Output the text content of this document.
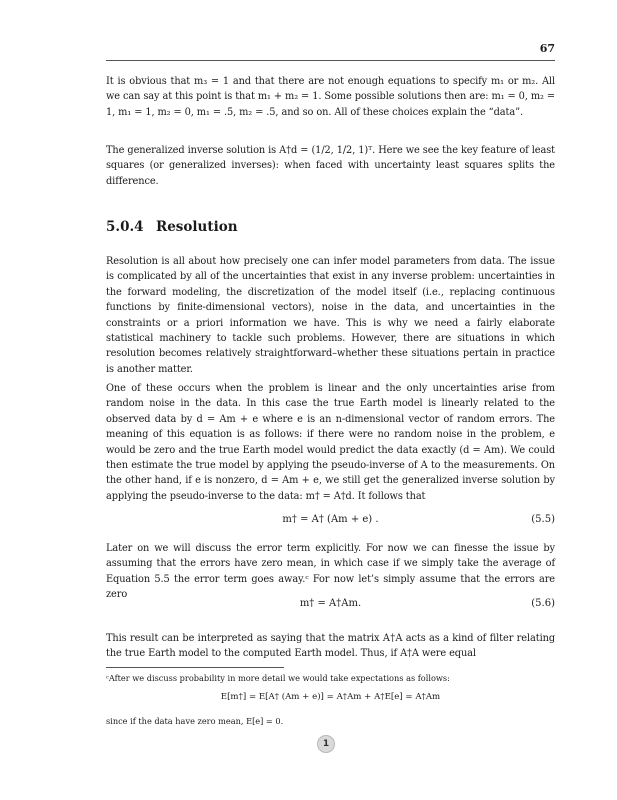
67

It is obvious that m₃ = 1 and that there are not enough equations to specify m₁ or m₂. All we can say at this point is that m₁ + m₂ = 1. Some possible solutions then are: m₁ = 0, m₂ = 1, m₁ = 1, m₂ = 0, m₁ = .5, m₂ = .5, and so on. All of these choices explain the “data”.

The generalized inverse solution is A†d = (1/2, 1/2, 1)ᵀ. Here we see the key feature of least squares (or generalized inverses): when faced with uncertainty least squares splits the difference.

5.0.4 Resolution

Resolution is all about how precisely one can infer model parameters from data. The issue is complicated by all of the uncertainties that exist in any inverse problem: uncertainties in the forward modeling, the discretization of the model itself (i.e., replacing continuous functions by finite-dimensional vectors), noise in the data, and uncertainties in the constraints or a priori information we have. This is why we need a fairly elaborate statistical machinery to tackle such problems. However, there are situations in which resolution becomes relatively straightforward–whether these situations pertain in practice is another matter.

One of these occurs when the problem is linear and the only uncertainties arise from random noise in the data. In this case the true Earth model is linearly related to the observed data by d = Am + e where e is an n-dimensional vector of random errors. The meaning of this equation is as follows: if there were no random noise in the problem, e would be zero and the true Earth model would predict the data exactly (d = Am). We could then estimate the true model by applying the pseudo-inverse of A to the measurements. On the other hand, if e is nonzero, d = Am + e, we still get the generalized inverse solution by applying the pseudo-inverse to the data: m† = A†d. It follows that

m† = A† (Am + e) .	(5.5)

Later on we will discuss the error term explicitly. For now we can finesse the issue by assuming that the errors have zero mean, in which case if we simply take the average of Equation 5.5 the error term goes away.ᶜ For now let’s simply assume that the errors are zero

m† = A†Am.	(5.6)

This result can be interpreted as saying that the matrix A†A acts as a kind of filter relating the true Earth model to the computed Earth model. Thus, if A†A were equal

ᶜAfter we discuss probability in more detail we would take expectations as follows:

E[m†] = E[A† (Am + e)] = A†Am + A†E[e] = A†Am

since if the data have zero mean, E[e] = 0.

1
